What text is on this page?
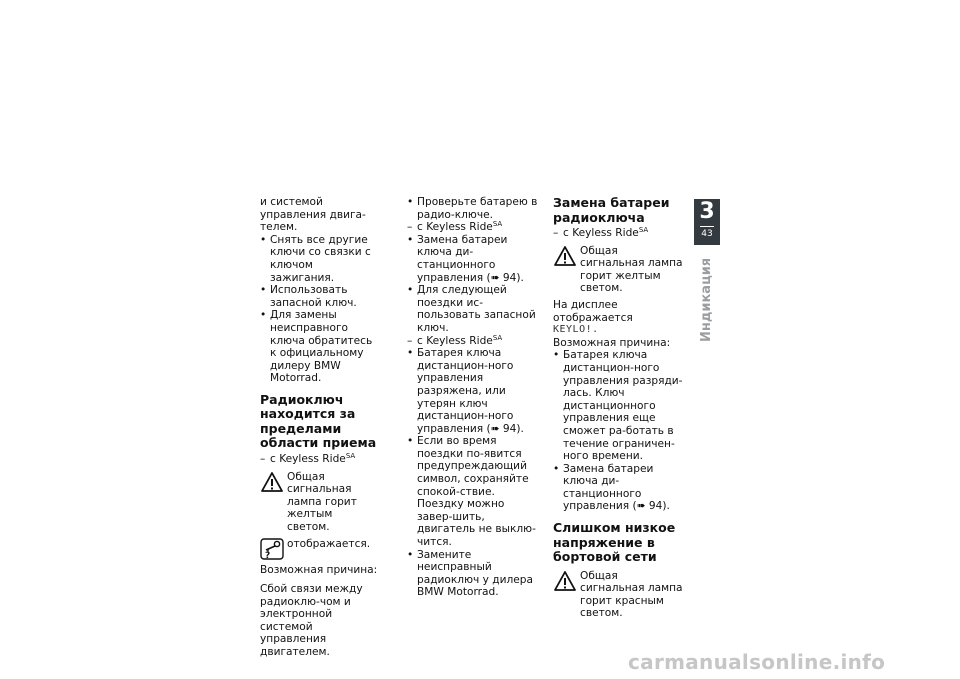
и системой управления двига-телем.

• Снять все другие ключи со связки с ключом зажигания.

• Использовать запасной ключ.

• Для замены неисправного ключа обратитесь к официальному дилеру BMW Motorrad.

Радиоключ находится за пределами области приема

– с Keyless Ride$^{SA}$

Общая сигнальная лампа горит желтым светом.

?

отображается.

Возможная причина:

Сбой связи между радиоклю-чом и электронной системой управления двигателем.

• Проверьте батарею в радио-ключе.

– с Keyless Ride$^{SA}$

• Замена батареи ключа ди-станционного управления (➠ 94).

• Для следующей поездки ис-пользовать запасной ключ.

– с Keyless Ride$^{SA}$

• Батарея ключа дистанцион-ного управления разряжена, или утерян ключ дистанцион-ного управления (➠ 94).

• Если во время поездки по-явится предупреждающий символ, сохраняйте спокой-ствие. Поездку можно завер-шить, двигатель не выклю-чится.

• Замените неисправный радиоключ у дилера BMW Motorrad.

Замена батареи радиоключа

– с Keyless Ride$^{SA}$

Общая сигнальная лампа горит желтым светом.

На дисплее отображается

KEYLO!.

Возможная причина:

• Батарея ключа дистанцион-ного управления разряди-лась. Ключ дистанционного управления еще сможет ра-ботать в течение ограничен-ного времени.

• Замена батареи ключа ди-станционного управления (➠ 94).

Слишком низкое напряжение в бортовой сети

Общая сигнальная лампа горит красным светом.

3
43
Индикация
carmanualsonline.info
